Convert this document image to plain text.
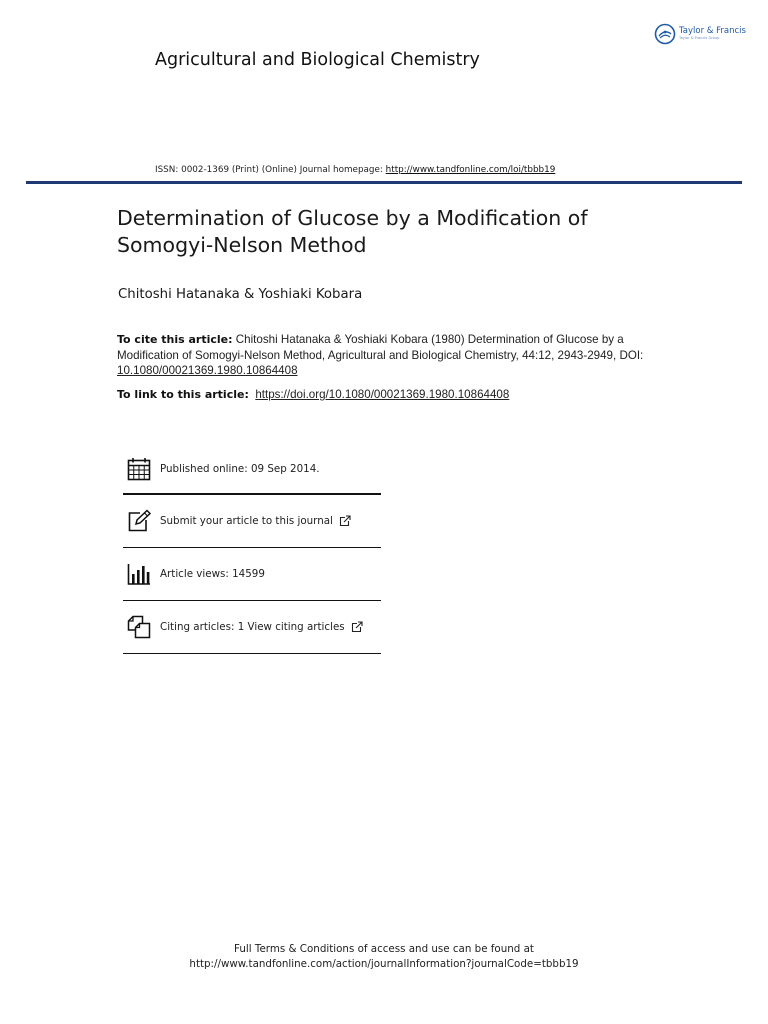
Taylor & Francis
Taylor & Francis Group
Agricultural and Biological Chemistry
ISSN: 0002-1369 (Print) (Online) Journal homepage: http://www.tandfonline.com/loi/tbbb19
Determination of Glucose by a Modification of Somogyi-Nelson Method
Chitoshi Hatanaka & Yoshiaki Kobara
To cite this article: Chitoshi Hatanaka & Yoshiaki Kobara (1980) Determination of Glucose by a Modification of Somogyi-Nelson Method, Agricultural and Biological Chemistry, 44:12, 2943-2949, DOI: 10.1080/00021369.1980.10864408
To link to this article: https://doi.org/10.1080/00021369.1980.10864408
Published online: 09 Sep 2014.
Submit your article to this journal
Article views: 14599
Citing articles: 1 View citing articles
Full Terms & Conditions of access and use can be found at
http://www.tandfonline.com/action/journalInformation?journalCode=tbbb19
